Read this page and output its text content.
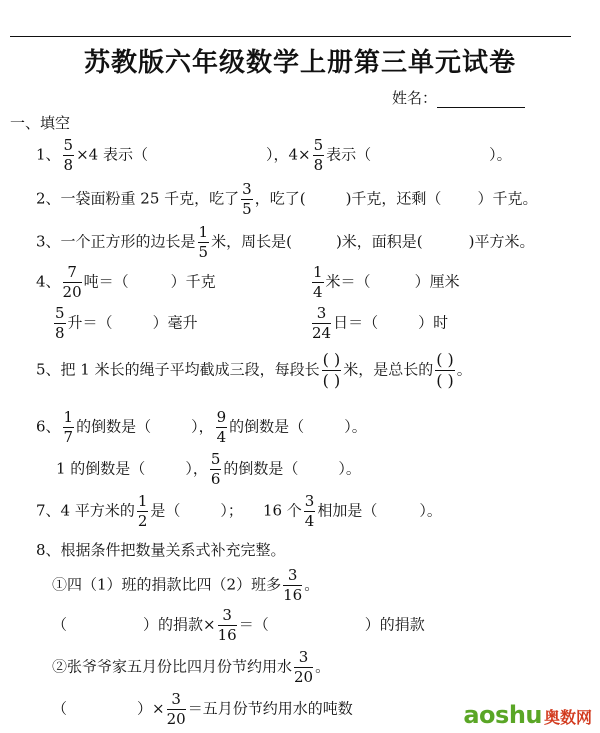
苏教版六年级数学上册第三单元试卷
姓名：
一、填空
1、 $\frac{5}{8} \times 4$ 表示（	），$4\times \frac{5}{8}$ 表示（	）。
2、一袋面粉重 25 千克，吃了 $\frac{3}{5}$ ，吃了(	)千克，还剩（ ）千克。
3、一个正方形的边长是 $\frac{1}{5}$ 米，周长是(	)米，面积是(	)平方米。
4、 $\frac{7}{20}$ 吨＝（	）千克	$\frac{1}{4}$ 米＝（	）厘米
$\frac{5}{8}$ 升＝（	）毫升	$\frac{3}{24}$ 日＝（	）时
5、把 1 米长的绳子平均截成三段，每段长 $\frac{( )}{( )}$ 米，是总长的 $\frac{( )}{( )}$ 。
6、 $\frac{1}{7}$ 的倒数是（	）， $\frac{9}{4}$ 的倒数是（	）。
1 的倒数是（	）， $\frac{5}{6}$ 的倒数是（	）。
7、4 平方米的 $\frac{1}{2}$ 是（	）； 16 个 $\frac{3}{4}$ 相加是（	）。
8、根据条件把数量关系式补充完整。
①四（1）班的捐款比四（2）班多 $\frac{3}{16}$ 。
（	）的捐款× $\frac{3}{16}$ ＝（	）的捐款
②张爷爷家五月份比四月份节约用水 $\frac{3}{20}$ 。
（	）× $\frac{3}{20}$ ＝五月份节约用水的吨数	aoshu 奥数网
